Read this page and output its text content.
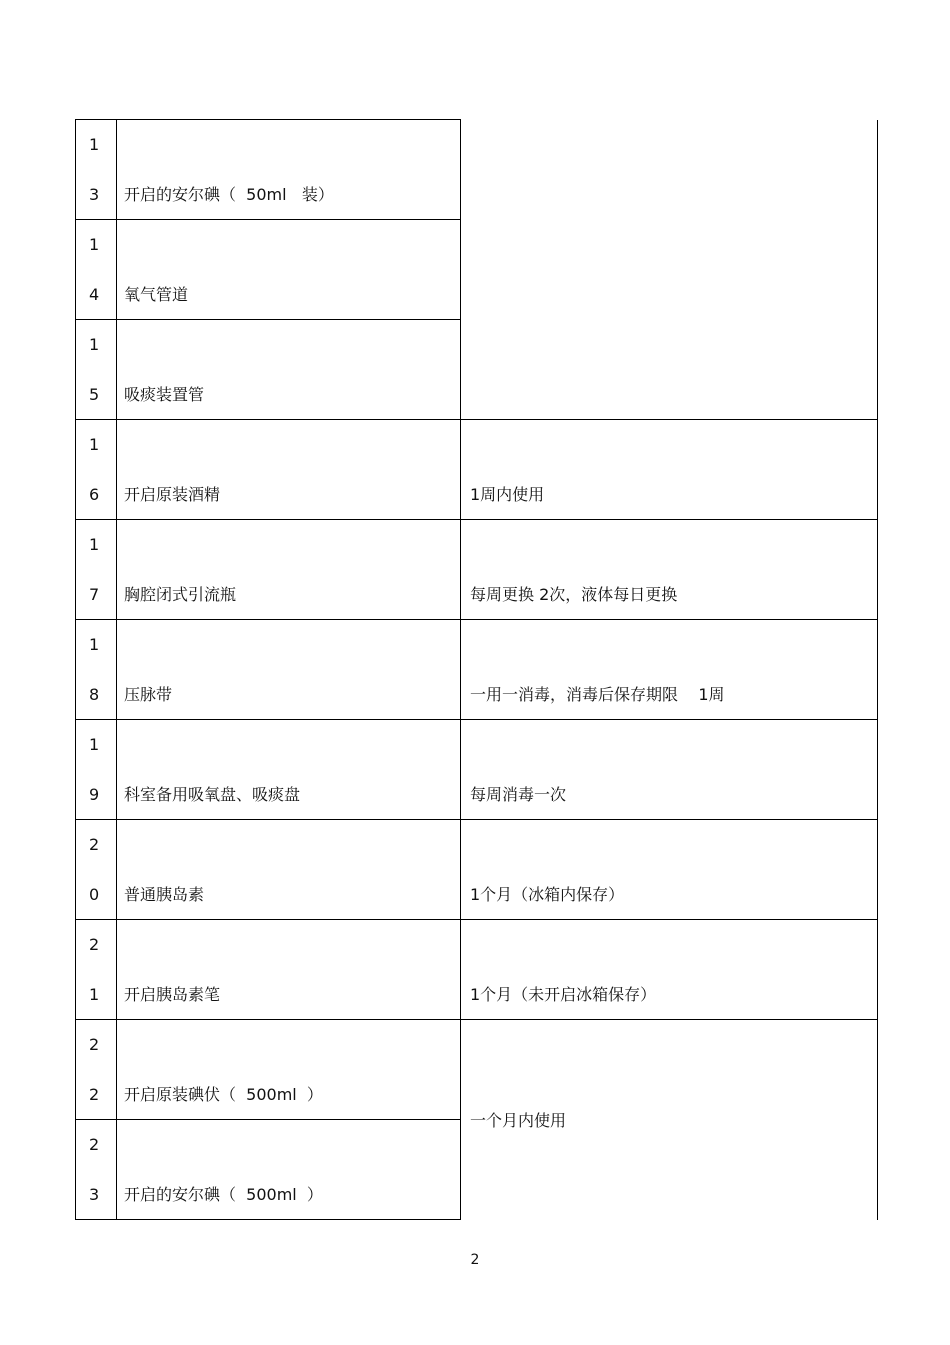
1
3	开启的安尔碘（  50ml   装）	

1
4	氧气管道	

1
5	吸痰装置管	

1
6	开启原装酒精	1周内使用

1
7	胸腔闭式引流瓶	每周更换 2次，液体每日更换

1
8	压脉带	一用一消毒，消毒后保存期限    1周

1
9	科室备用吸氧盘、吸痰盘	每周消毒一次

2
0	普通胰岛素	1个月（冰箱内保存）

2
1	开启胰岛素笔	1个月（未开启冰箱保存）

2
2	开启原装碘伏（  500ml  ）	一个月内使用

2
3	开启的安尔碘（  500ml  ）	
2
